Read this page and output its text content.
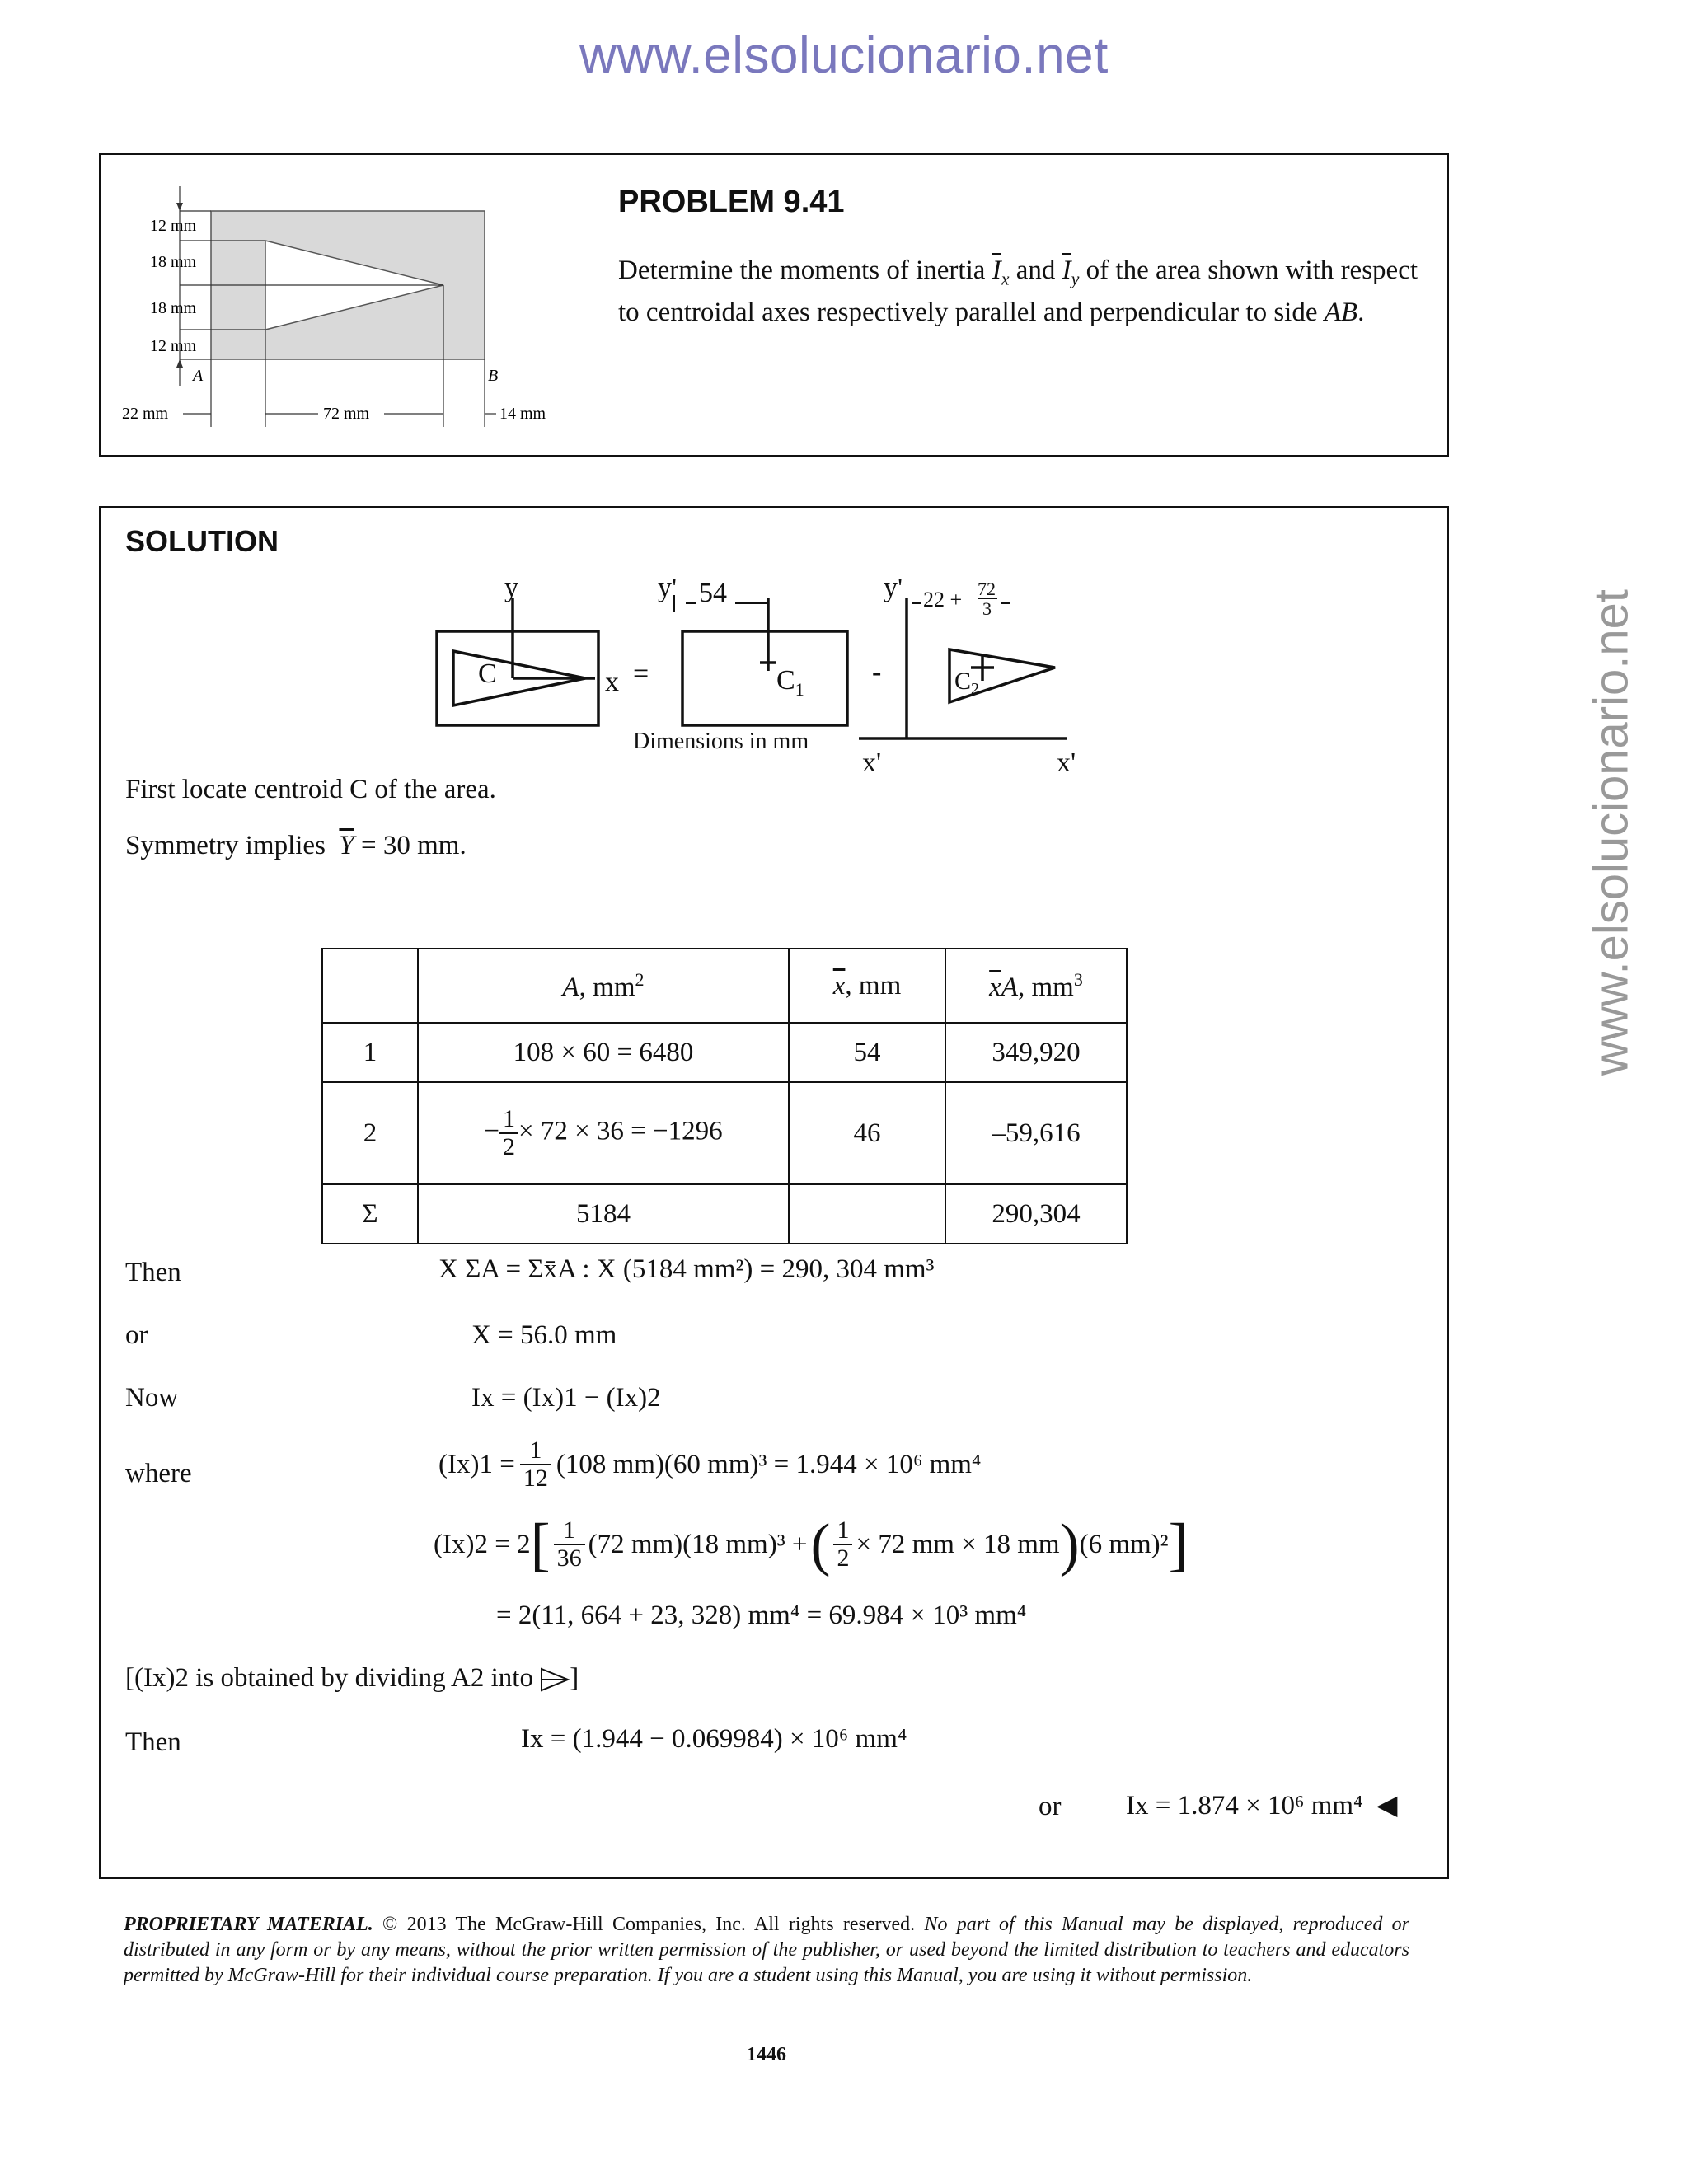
www.elsolucionario.net
www.elsolucionario.net
12 mm
18 mm
18 mm
12 mm
A	B
22 mm	72 mm	14 mm
PROBLEM 9.41
Determine the moments of inertia $\overline{I}_x$ and $\overline{I}_y$ of the area shown with respect to centroidal axes respectively parallel and perpendicular to side AB.
SOLUTION
y
C	x =
y' 54
$C_1$
-
x'
y' 22 + 72
3
$C_2$
x'
Dimensions in mm
First locate centroid C of the area.
Symmetry implies $\overline{Y} = 30$ mm.
	A, $mm^2$	$\overline{x}$, mm	$\overline{x}A$, $mm^3$
1	108 × 60 = 6480	54	349,920
2	− $\frac{1}{2} \times 72 \times 36 = -1296$	46	–59,616
Σ	5184		290,304
Then	X ΣA = Σx̄A : X (5184 mm²) = 290, 304 mm³
or	X = 56.0 mm
Now	Ix = (Ix)1 − (Ix)2
where	$(Ix)1 = \frac{1}{12} (108$ mm)(60 mm)³ = 1.944 × 10⁶ mm⁴
(Ix)2 = 2 [ $\frac{1}{36} (72$ mm)(18 mm)³ + ( $\frac{1}{2} \times 72$ mm × 18 mm ) (6 mm)² ]
= 2(11, 664 + 23, 328) mm⁴ = 69.984 × 10³ mm⁴
[(Ix)2 is obtained by dividing A2 into ]
Then	Ix = (1.944 − 0.069984) × 10⁶ mm⁴
or Ix = 1.874 × 10⁶ mm⁴ ◀
PROPRIETARY MATERIAL. © 2013 The McGraw-Hill Companies, Inc. All rights reserved. No part of this Manual may be displayed, reproduced or distributed in any form or by any means, without the prior written permission of the publisher, or used beyond the limited distribution to teachers and educators permitted by McGraw-Hill for their individual course preparation. If you are a student using this Manual, you are using it without permission.
1446
